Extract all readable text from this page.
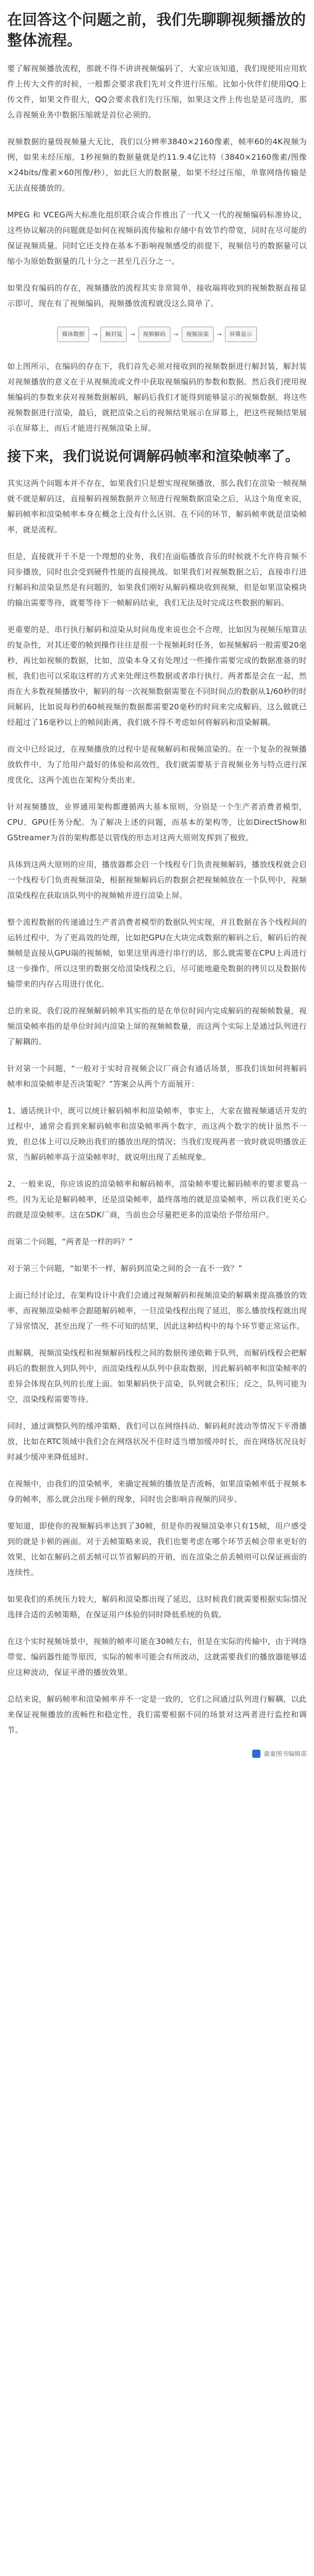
在回答这个问题之前，我们先聊聊视频播放的整体流程。

要了解视频播放流程，那就不得不讲讲视频编码了，大家应该知道，我们现使用应用软件上传大文件的时候，一般都会要求我们先对文件进行压缩。比如小伙伴们使用QQ上传文件，如果文件很大，QQ会要求我们先行压缩，如果这文件上传也是是可选的，那么音视频业务中数据压缩就是首位必须的。

视频数据的量级视频量大无比，我们以分辨率3840×2160像素，帧率60的4K视频为例，如果未经压缩，1秒视频的数据量就是约11.9.4亿比特（3840×2160像素/图像×24bits/像素×60图像/秒），如此巨大的数据量，如果不经过压缩，单靠网络传输是无法直接播放的。

MPEG 和 VCEG两大标准化组织联合成合作推出了一代又一代的视频编码标准协议，这些协议解决的问题就是如何在视频码流传输和存储中有效节约带宽，同时在尽可能的保证视频质量。同时它还支持在基本不影响视频感受的前提下，视频信号的数据量可以缩小为原始数据量的几十分之一甚至几百分之一。

如果没有编码的存在，视频播放的流程其实非常简单，接收端将收到的视频数据直接显示即可，现在有了视频编码，视频播放流程就没这么简单了。

媒体数据	→	解封装	→	视频解码	→	视频渲染	→	屏幕显示

如上图所示，在编码的存在下，我们首先必须对接收到的视频数据进行解封装，解封装对视频播放的意义在于从视频流或文件中获取视频编码的参数和数据。然后我们使用视频编码的参数来获对视频数据解码，解码后我们才能得到能够显示的视频数据，将这些视频数据进行渲染，最后，就把渲染之后的视频结果展示在屏幕上，把这些视频结果展示在屏幕上，而后才能进行视频渲染上屏。

接下来，我们说说何调解码帧率和渲染帧率了。

其实这两个问题本并不存在，如果我们只是想实现视频播放，那么我们在渲染一帧视频就不就是解码这，直接解码视频数据并立刻进行视频数据渲染之后，从这个角度来说，解码帧率和渲染帧率本身在概念上没有什么区别。在不同的环节，解码帧率就是渲染帧率，就是流程。

但是，直接就开千不是一个理想的业务，我们在面临播放音乐的时候就不允许将音频不同步播放，同时也会受到硬件性能的直接挑战。如果我们对视频数据之后，直接串行进行解码和渲染显然是有问题的，如果我们刚好从解码模块收到视频，但是如果渲染模块的输出需要等待，就要等待下一帧解码结束，我们无法及时完成这些数据的解码。

更重要的是，串行执行解码和渲染从时间角度来说也会不合理，比如因为视频压缩算法的复杂性，对其还要的帧到操作往往是很一个视频耗时任务，如视频解码一般需要20毫秒，再比如视频的数据，比如，渲染本身又有处理过一些操作需要完成的数据准备的时候，我们也可以采取这样的方式来处理这些数据或者串行执行。两者都是会在一起，然而在大多数视频播放中，解码的每一次视频数据需要在不同时间点的数据从1/60秒的时间解码，比如说每秒的60帧视频的数据都需要20毫秒的时间来完成解码，这么做就已经超过了16毫秒以上的帧间距离，我们就不得不考虑如何将解码和渲染解耦。

而文中已经说过，在视频播放的过程中是视频解码和视频渲染的。在一个复杂的视频播放软件中，为了给用户最好的体验和高效性，我们就需要基于音视频业务与特点进行深度优化，这两个流也在架构分类出来。

针对视频播放，业界通用架构都遵循两大基本原则，分别是一个生产者消费者模型，CPU、GPU任务分配。为了解决上述的问题，而基本的架构等，比如DirectShow和GStreamer为首的架构都是以管线的形态对这两大原则发挥到了极致。

具体到这两大原则的应用，播放器都会启一个线程专门负责视频解码，播放线程就会启一个线程专门负责视频渲染，根据视频解码后的数据会把视频帧放在一个队列中，视频渲染线程在获取该队列中的视频帧并进行渲染上屏。

整个流程数据的传递通过生产者消费者模型的数据队列实现，并且数据在各个线程间的运转过程中，为了更高效的处理，比如把GPU在大块完成数据的解码之后，解码后的视频帧是直接从GPU端的视频帧，如果这里再进行串行的话，那么就需要在CPU上再进行这一步操作，所以这里的数据交给渲染线程之后，尽可能地避免数据的拷贝以及数据传输带来的内存占用进行优化。

总的来说，我们说的视频解码帧率其实指的是在单位时间内完成解码的视频帧数量，视频渲染帧率指的是单位时间内渲染上屏的视频帧数量，而这两个实际上是通过队列进行了解耦的。

针对第一个问题，“一般对于实时音视频会议厂商会有通话场景，那我们该如何将解码帧率和渲染帧率是否决策呢？”答案会从两个方面展开：

1、通话统计中，既可以统计解码帧率和渲染帧率，事实上，大家在做视频通话开发的过程中，通常会看到来解码帧率和渲染帧率两个数字，而这两个数字的统计虽然不一致，但总体上可以反映出我们的播放出现的情况；当我们发现两者一致时就说明播放正常，当解码帧率高于渲染帧率时，就说明出现了丢帧现象。

2、一般来说，你应该说的渲染帧率和解码帧率，渲染帧率要比解码帧率的要求要高一些。因为无论是解码帧率，还是渲染帧率，最终落地的就是渲染帧率，所以我们更关心的就是渲染帧率。这在SDK厂商，当前也会尽量把更多的渲染给予带给用户。

而第二个问题，“两者是一样的吗？”

对于第三个问题，“如果不一样，解码到渲染之间的会一直不一致？”

上面已经讨论过，在架构设计中我们会通过视频解码和视频渲染的解耦来提高播放的效率，而视频渲染帧率会跟随解码帧率，一旦渲染线程出现了延迟，那么播放线程就出现了异常情况，甚至出现了一些不可知的结果，因此这种结构中的每个环节要正常运作。

而解耦，视频渲染线程和视频解码线程之间的数据传递依赖于队列，而解码线程会把解码后的数据放入到队列中，而渲染线程从队列中获取数据，因此解码帧率和渲染帧率的差异会体现在队列的长度上面。如果解码快于渲染，队列就会积压；反之，队列可能为空，渲染线程需要等待。

同时，通过调整队列的缓冲策略，我们可以在网络抖动、解码耗时波动等情况下平滑播放，比如在RTC领域中我们会在网络状况不佳时适当增加缓冲时长，而在网络状况良好时减少缓冲来降低延时。

在视频中，由我们的渲染帧率，来确定视频的播放是否流畅，如果渲染帧率低于视频本身的帧率，那么就会出现卡顿的现象，同时也会影响音视频的同步。

要知道，即使你的视频解码率达到了30帧，但是你的视频渲染率只有15帧，用户感受到的就是卡顿的画面。对于丢帧策略来说，我们也要考虑在哪个环节丢帧会带来更好的效果，比如在解码之前丢帧可以节省解码的开销，而在渲染之前丢帧则可以保证画面的连续性。

如果我们的系统压力较大，解码和渲染都出现了延迟，这时候我们就需要根据实际情况选择合适的丢帧策略，在保证用户体验的同时降低系统的负载。

在这个实时视频场景中，视频的帧率可能在30帧左右，但是在实际的传输中，由于网络带宽、编码器性能等原因，实际的帧率可能会有所波动，这就需要我们的播放器能够适应这种波动，保证平滑的播放效果。

总结来说，解码帧率和渲染帧率并不一定是一致的，它们之间通过队列进行解耦，以此来保证视频播放的流畅性和稳定性，我们需要根据不同的场景对这两者进行监控和调节。

童童图书编辑部
